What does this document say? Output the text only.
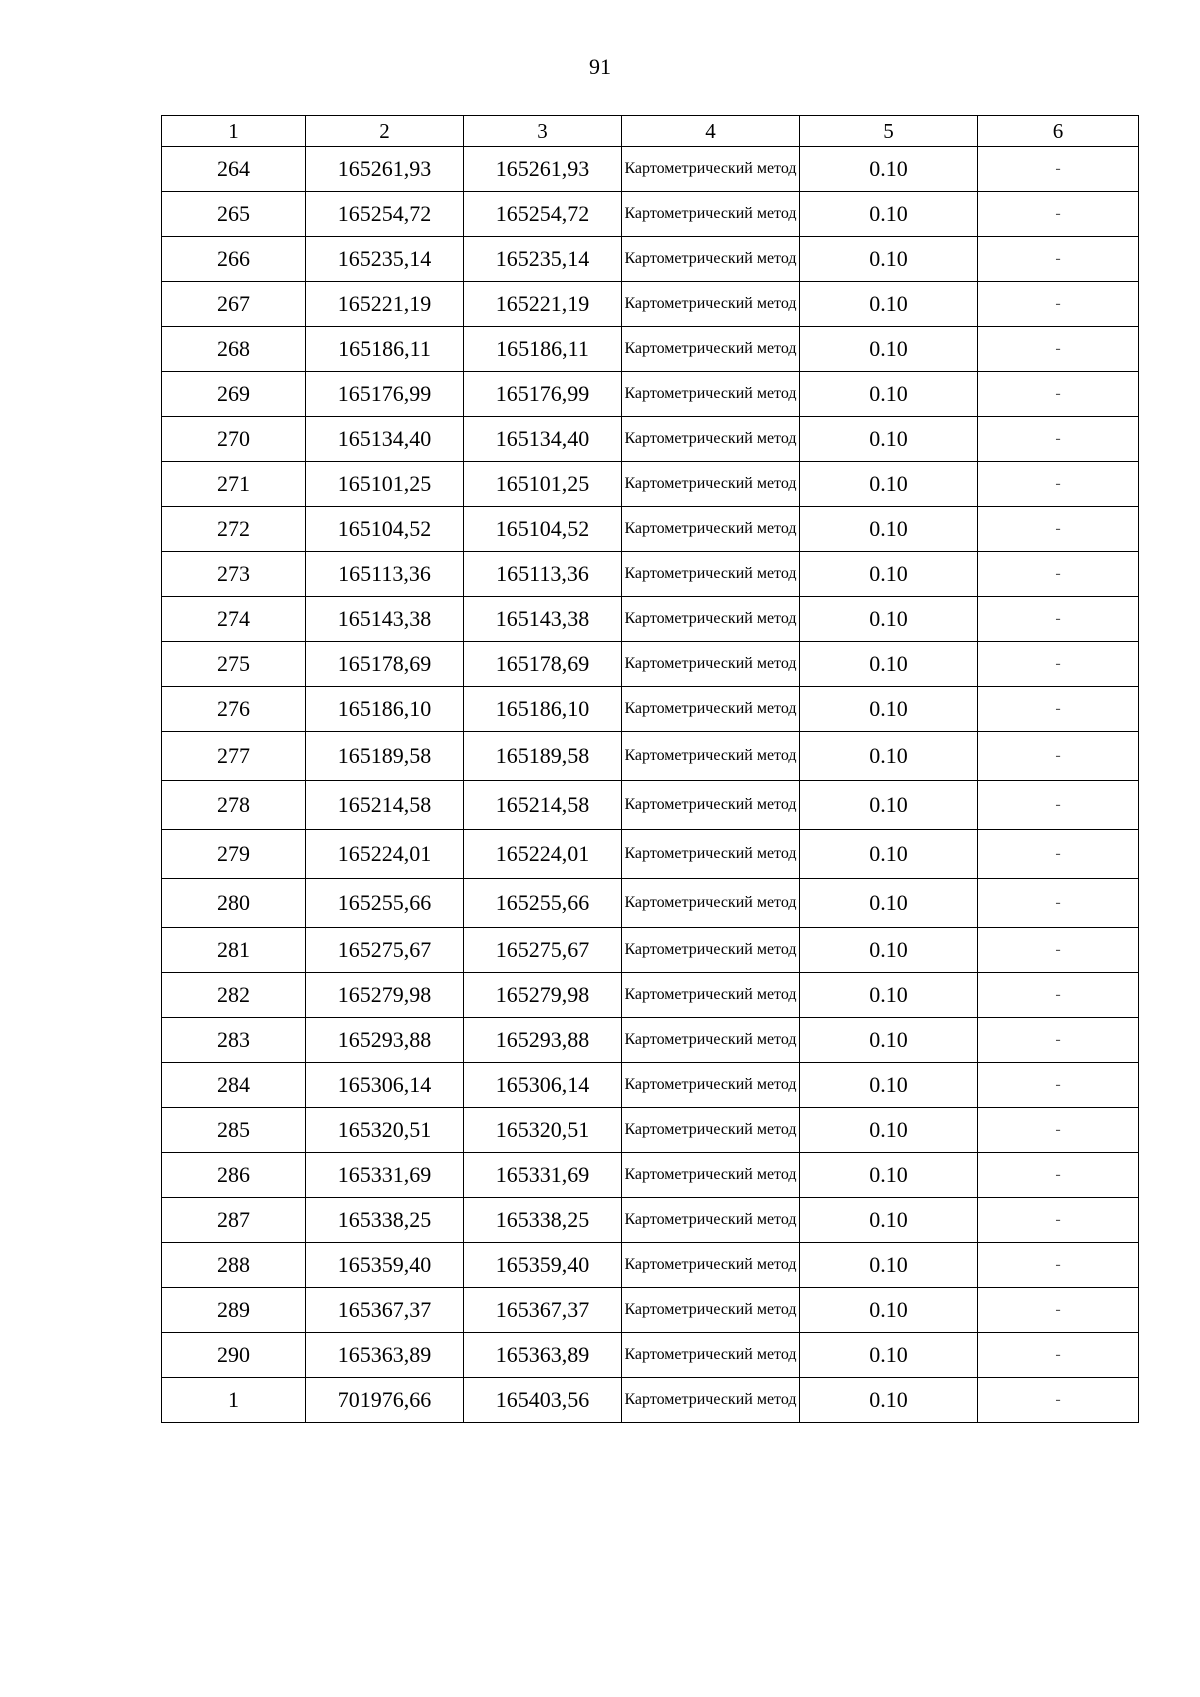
91
1	2	3	4	5	6
264	165261,93	165261,93	Картометрический метод	0.10	-
265	165254,72	165254,72	Картометрический метод	0.10	-
266	165235,14	165235,14	Картометрический метод	0.10	-
267	165221,19	165221,19	Картометрический метод	0.10	-
268	165186,11	165186,11	Картометрический метод	0.10	-
269	165176,99	165176,99	Картометрический метод	0.10	-
270	165134,40	165134,40	Картометрический метод	0.10	-
271	165101,25	165101,25	Картометрический метод	0.10	-
272	165104,52	165104,52	Картометрический метод	0.10	-
273	165113,36	165113,36	Картометрический метод	0.10	-
274	165143,38	165143,38	Картометрический метод	0.10	-
275	165178,69	165178,69	Картометрический метод	0.10	-
276	165186,10	165186,10	Картометрический метод	0.10	-
277	165189,58	165189,58	Картометрический метод	0.10	-
278	165214,58	165214,58	Картометрический метод	0.10	-
279	165224,01	165224,01	Картометрический метод	0.10	-
280	165255,66	165255,66	Картометрический метод	0.10	-
281	165275,67	165275,67	Картометрический метод	0.10	-
282	165279,98	165279,98	Картометрический метод	0.10	-
283	165293,88	165293,88	Картометрический метод	0.10	-
284	165306,14	165306,14	Картометрический метод	0.10	-
285	165320,51	165320,51	Картометрический метод	0.10	-
286	165331,69	165331,69	Картометрический метод	0.10	-
287	165338,25	165338,25	Картометрический метод	0.10	-
288	165359,40	165359,40	Картометрический метод	0.10	-
289	165367,37	165367,37	Картометрический метод	0.10	-
290	165363,89	165363,89	Картометрический метод	0.10	-
1	701976,66	165403,56	Картометрический метод	0.10	-
